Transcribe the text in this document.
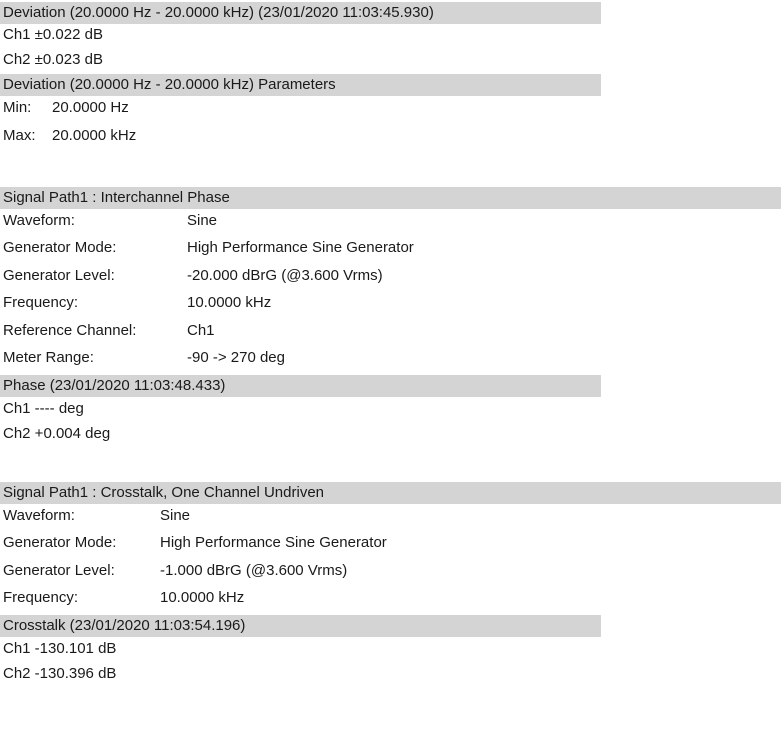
Deviation (20.0000 Hz - 20.0000 kHz) (23/01/2020 11:03:45.930)
Ch1 ±0.022 dB
Ch2 ±0.023 dB
Deviation (20.0000 Hz - 20.0000 kHz) Parameters
Min: 20.0000 Hz
Max: 20.0000 kHz
Signal Path1 : Interchannel Phase
Waveform:	Sine
Generator Mode:	High Performance Sine Generator
Generator Level:	-20.000 dBrG (@3.600 Vrms)
Frequency:	10.0000 kHz
Reference Channel:	Ch1
Meter Range:	-90 -> 270 deg
Phase (23/01/2020 11:03:48.433)
Ch1 ---- deg
Ch2 +0.004 deg
Signal Path1 : Crosstalk, One Channel Undriven
Waveform:	Sine
Generator Mode:	High Performance Sine Generator
Generator Level:	-1.000 dBrG (@3.600 Vrms)
Frequency:	10.0000 kHz
Crosstalk (23/01/2020 11:03:54.196)
Ch1 -130.101 dB
Ch2 -130.396 dB
